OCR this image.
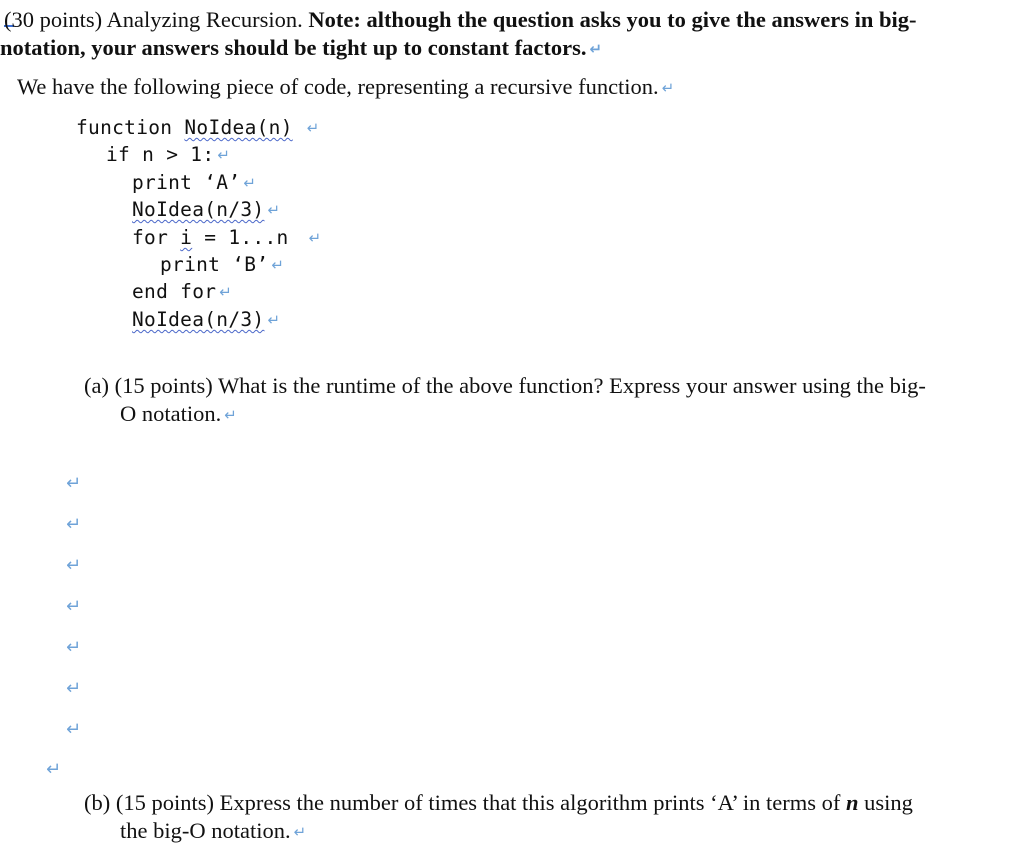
(30 points) Analyzing Recursion. Note: although the question asks you to give the answers in big-
notation, your answers should be tight up to constant factors. ↵
We have the following piece of code, representing a recursive function. ↵
function NoIdea(n) ↵
if n > 1: ↵
print ‘A’ ↵
NoIdea(n/3) ↵
for i = 1...n ↵
print ‘B’ ↵
end for ↵
NoIdea(n/3) ↵
(a) (15 points) What is the runtime of the above function? Express your answer using the big-
O notation. ↵
↵
↵
↵
↵
↵
↵
↵
↵
(b) (15 points) Express the number of times that this algorithm prints ‘A’ in terms of n using
the big-O notation. ↵
